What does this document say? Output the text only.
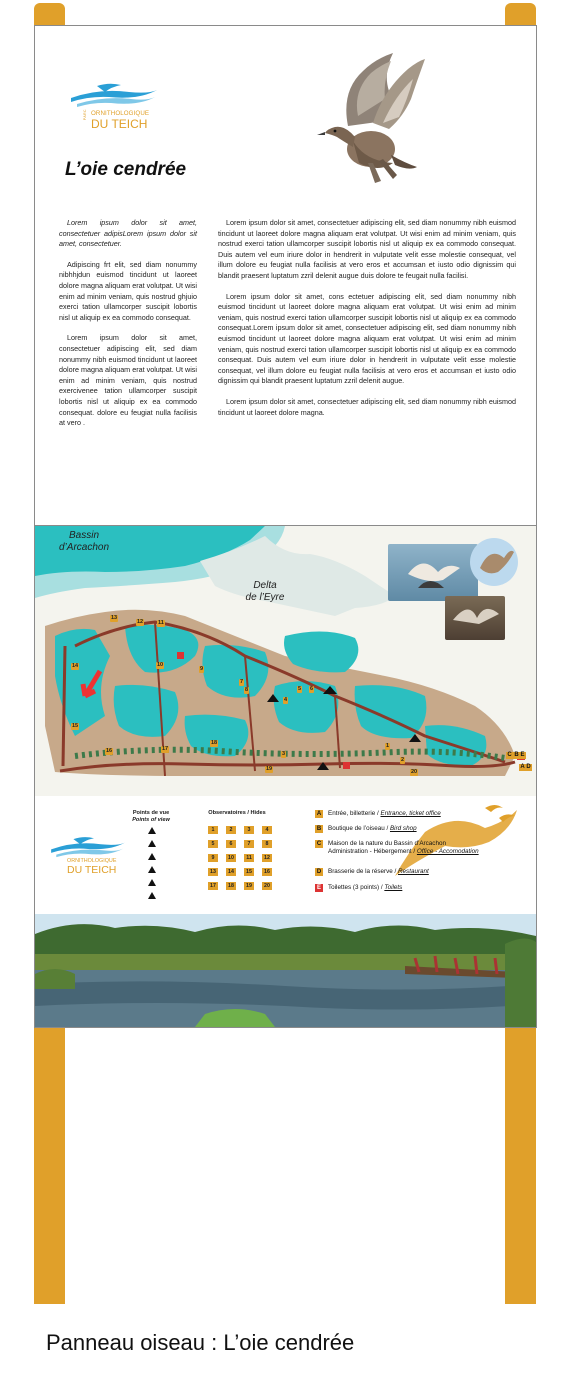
PARC ORNITHOLOGIQUE
DU TEICH
L’oie cendrée

Lorem ipsum dolor sit amet, consectetuer adipisLorem ipsum dolor sit amet, consectetuer.

Adipiscing frt elit, sed diam nonummy nibhhjdun euismod tincidunt ut laoreet dolore magna aliquam erat volutpat. Ut wisi enim ad minim veniam, quis nostrud ghjuio exerci tation ullamcorper suscipit lobortis nisl ut aliquip ex ea commodo consequat.

Lorem ipsum dolor sit amet, consectetuer adipiscing elit, sed diam nonummy nibh euismod tincidunt ut laoreet dolore magna aliquam erat volutpat. Ut wisi enim ad minim veniam, quis nostrud exercivenee tation ullamcorper suscipit lobortis nisl ut aliquip ex ea commodo consequat. dolore eu feugiat nulla facilisis at vero .

Lorem ipsum dolor sit amet, consectetuer adipiscing elit, sed diam nonummy nibh euismod tincidunt ut laoreet dolore magna aliquam erat volutpat. Ut wisi enim ad minim veniam, quis nostrud exerci tation ullamcorper suscipit lobortis nisl ut aliquip ex ea commodo consequat. Duis autem vel eum iriure dolor in hendrerit in vulputate velit esse molestie consequat, vel illum dolore eu feugiat nulla facilisis at vero eros et accumsan et iusto odio dignissim qui blandit praesent luptatum zzril delenit augue duis dolore te feugait nulla facilisi.

Lorem ipsum dolor sit amet, cons ectetuer adipiscing elit, sed diam nonummy nibh euismod tincidunt ut laoreet dolore magna aliquam erat volutpat. Ut wisi enim ad minim veniam, quis nostrud exerci tation ullamcorper suscipit lobortis nisl ut aliquip ex ea commodo consequat.Lorem ipsum dolor sit amet, consectetuer adipiscing elit, sed diam nonummy nibh euismod tincidunt ut laoreet dolore magna aliquam erat volutpat. Ut wisi enim ad minim veniam, quis nostrud exerci tation ullamcorper suscipit lobortis nisl ut aliquip ex ea commodo consequat. Duis autem vel eum iriure dolor in hendrerit in vulputate velit esse molestie consequat, vel illum dolore eu feugiat nulla facilisis at vero eros et accumsan et iusto odio dignissim qui blandit praesent luptatum zzril delenit augue.

Lorem ipsum dolor sit amet, consectetuer adipiscing elit, sed diam nonummy nibh euismod tincidunt ut laoreet dolore magna.

Bassin
d’Arcachon
Delta
de l’Eyre
1
2
3
4
5 6
7
8
9
10
11
12
13
14
15
16	17
18
19	20
A
B
C
D
E
ORNITHOLOGIQUE
DU TEICH
Points de vue
Points of view
Observatoires / Hides
1	2	3	4
5	6	7	8
9	10	11	12
13	14	15	16
17	18	19	20
A Entrée, billetterie / Entrance, ticket office
B Boutique de l’oiseau / Bird shop
C Maison de la nature du Bassin d’Arcachon
Administration - Hébergement / Office - Accomodation
D Brasserie de la réserve / Restaurant
E Toilettes (3 points) / Toilets
Panneau oiseau : L’oie cendrée
